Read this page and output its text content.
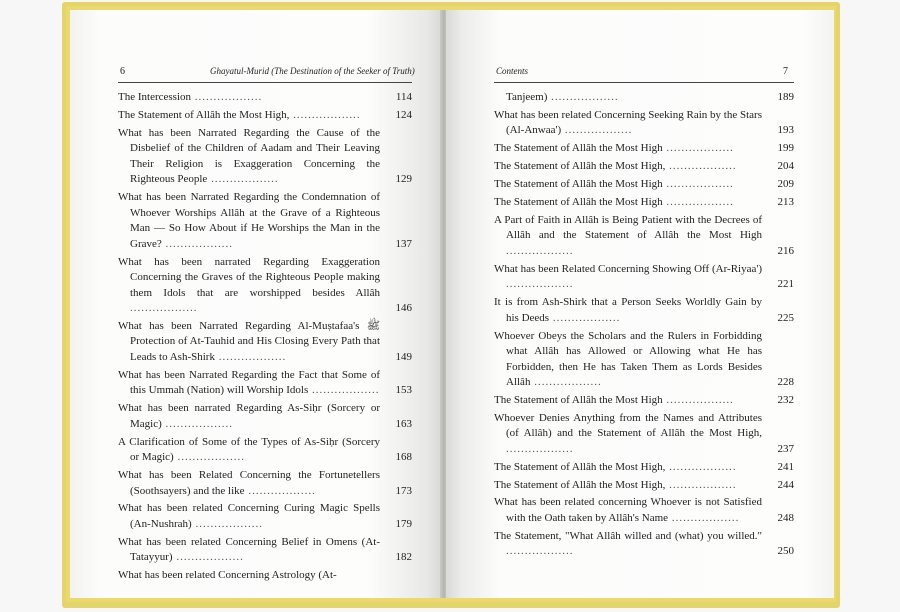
6	Ghayatul-Murid (The Destination of the Seeker of Truth)
The Intercession ..................	114
The Statement of Allâh the Most High, ..................	124
What has been Narrated Regarding the Cause of the Disbelief of the Children of Aadam and Their Leaving Their Religion is Exaggeration Concerning the Righteous People ..................	129
What has been Narrated Regarding the Condemnation of Whoever Worships Allâh at the Grave of a Righteous Man — So How About if He Worships the Man in the Grave? ..................	137
What has been narrated Regarding Exaggeration Concerning the Graves of the Righteous People making them Idols that are worshipped besides Allâh ..................	146
What has been Narrated Regarding Al-Muṣtafaa's ﷺ Protection of At-Tauhid and His Closing Every Path that Leads to Ash-Shirk ..................	149
What has been Narrated Regarding the Fact that Some of this Ummah (Nation) will Worship Idols .................. 153
What has been narrated Regarding As-Siḥr (Sorcery or Magic) ..................	163
A Clarification of Some of the Types of As-Siḥr (Sorcery or Magic) ..................	168
What has been Related Concerning the Fortunetellers (Soothsayers) and the like ..................	173
What has been related Concerning Curing Magic Spells (An-Nushrah) ..................	179
What has been related Concerning Belief in Omens (At-Tatayyur) ..................	182
What has been related Concerning Astrology (At-
Contents	7
Tanjeem) ..................	189
What has been related Concerning Seeking Rain by the Stars (Al-Anwaa') ..................	193
The Statement of Allâh the Most High ..................	199
The Statement of Allâh the Most High, ..................	204
The Statement of Allâh the Most High ..................	209
The Statement of Allâh the Most High ..................	213
A Part of Faith in Allâh is Being Patient with the Decrees of Allâh and the Statement of Allâh the Most High ..................	216
What has been Related Concerning Showing Off (Ar-Riyaa') ..................	221
It is from Ash-Shirk that a Person Seeks Worldly Gain by his Deeds ..................	225
Whoever Obeys the Scholars and the Rulers in Forbidding what Allâh has Allowed or Allowing what He has Forbidden, then He has Taken Them as Lords Besides Allâh ..................	228
The Statement of Allâh the Most High ..................	232
Whoever Denies Anything from the Names and Attributes (of Allâh) and the Statement of Allâh the Most High, ..................	237
The Statement of Allâh the Most High, ..................	241
The Statement of Allâh the Most High, ..................	244
What has been related concerning Whoever is not Satisfied with the Oath taken by Allâh's Name ..................	248
The Statement, "What Allâh willed and (what) you willed." ..................	250
